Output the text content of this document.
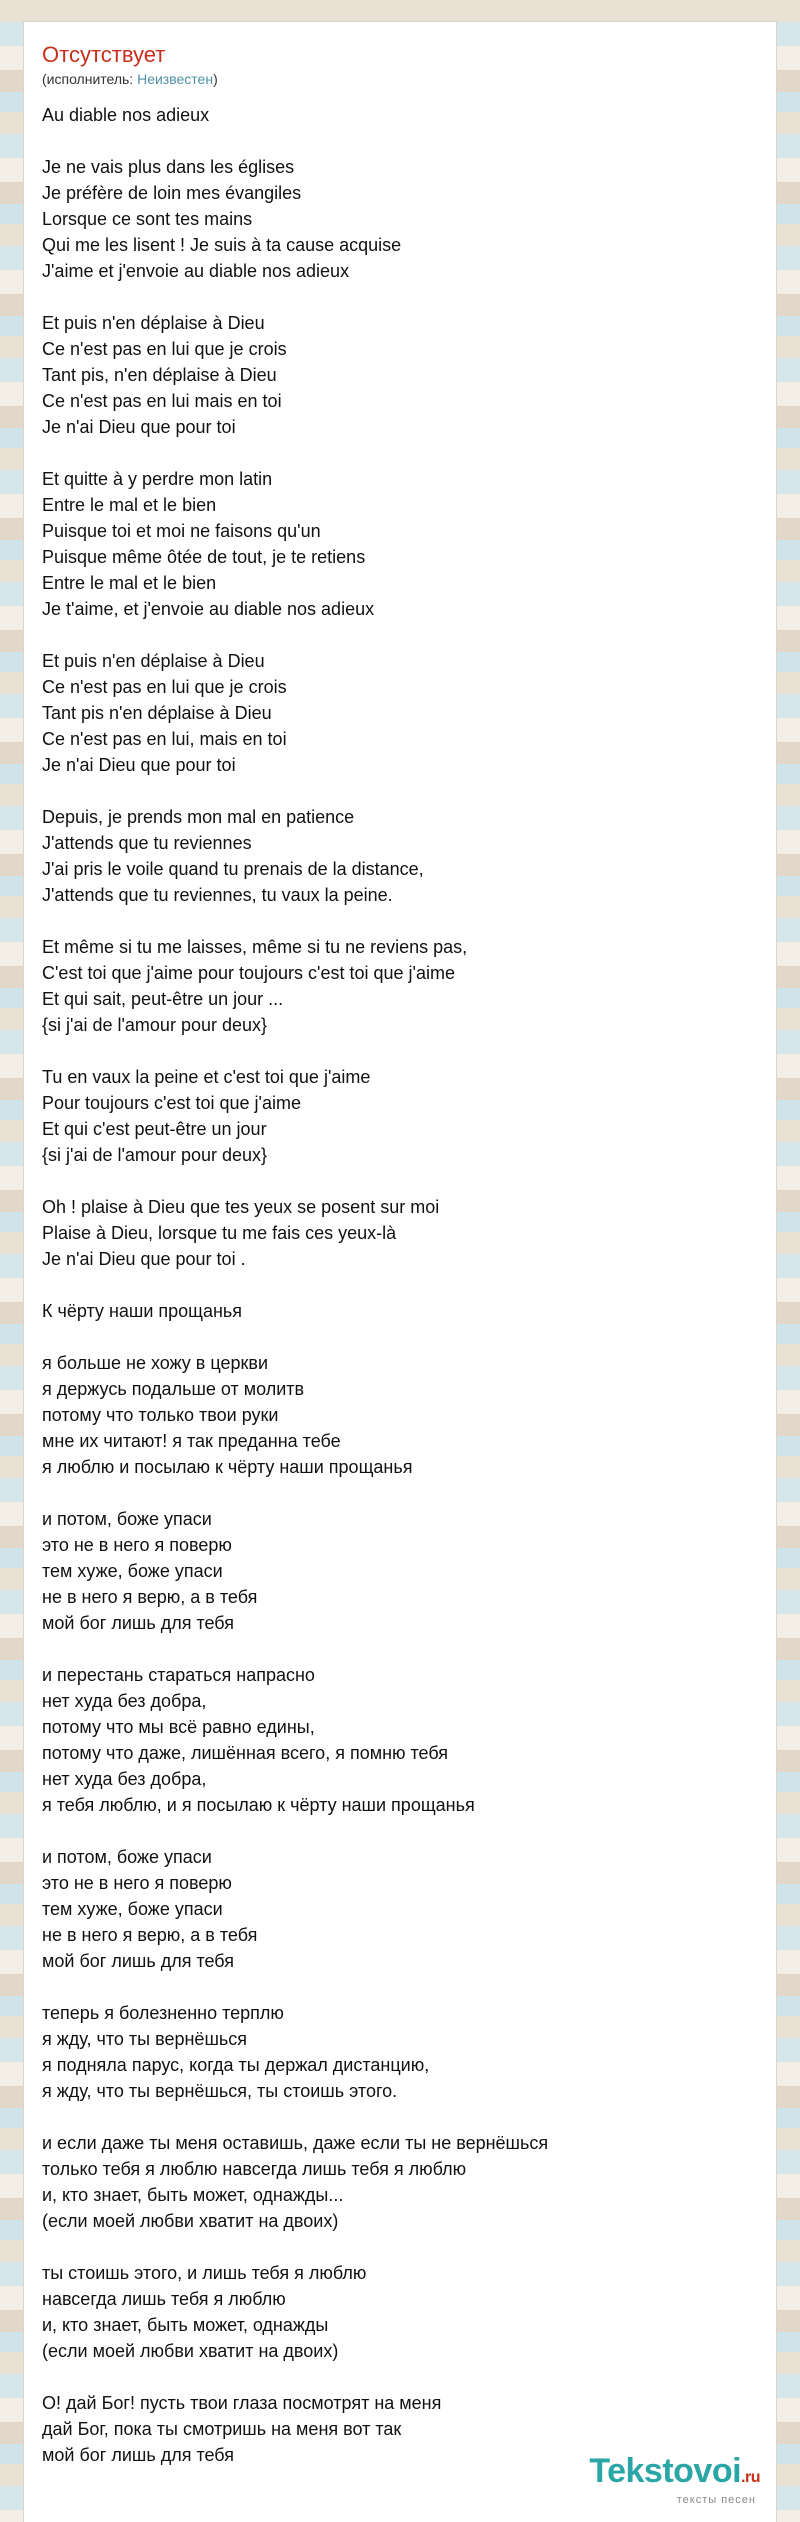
Отсутствует
(исполнитель: Неизвестен)
Au diable nos adieux

Je ne vais plus dans les églises
Je préfère de loin mes évangiles
Lorsque ce sont tes mains
Qui me les lisent ! Je suis à ta cause acquise
J'aime et j'envoie au diable nos adieux

Et puis n'en déplaise à Dieu
Ce n'est pas en lui que je crois
Tant pis, n'en déplaise à Dieu
Ce n'est pas en lui mais en toi
Je n'ai Dieu que pour toi

Et quitte à y perdre mon latin
Entre le mal et le bien
Puisque toi et moi ne faisons qu'un
Puisque même ôtée de tout, je te retiens
Entre le mal et le bien
Je t'aime, et j'envoie au diable nos adieux

Et puis n'en déplaise à Dieu
Ce n'est pas en lui que je crois
Tant pis n'en déplaise à Dieu
Ce n'est pas en lui, mais en toi
Je n'ai Dieu que pour toi

Depuis, je prends mon mal en patience
J'attends que tu reviennes
J'ai pris le voile quand tu prenais de la distance,
J'attends que tu reviennes, tu vaux la peine.

Et même si tu me laisses, même si tu ne reviens pas,
C'est toi que j'aime pour toujours c'est toi que j'aime
Et qui sait, peut-être un jour ...
{si j'ai de l'amour pour deux}

Tu en vaux la peine et c'est toi que j'aime
Pour toujours c'est toi que j'aime
Et qui c'est peut-être un jour
{si j'ai de l'amour pour deux}

Oh ! plaise à Dieu que tes yeux se posent sur moi
Plaise à Dieu, lorsque tu me fais ces yeux-là
Je n'ai Dieu que pour toi .

К чёрту наши прощанья

я больше не хожу в церкви
я держусь подальше от молитв
потому что только твои руки
мне их читают! я так преданна тебе
я люблю и посылаю к чёрту наши прощанья

и потом, боже упаси
это не в него я поверю
тем хуже, боже упаси
не в него я верю, а в тебя
мой бог лишь для тебя

и перестань стараться напрасно
нет худа без добра,
потому что мы всё равно едины,
потому что даже, лишённая всего, я помню тебя
нет худа без добра,
я тебя люблю, и я посылаю к чёрту наши прощанья

и потом, боже упаси
это не в него я поверю
тем хуже, боже упаси
не в него я верю, а в тебя
мой бог лишь для тебя

теперь я болезненно терплю
я жду, что ты вернёшься
я подняла парус, когда ты держал дистанцию,
я жду, что ты вернёшься, ты стоишь этого.

и если даже ты меня оставишь, даже если ты не вернёшься
только тебя я люблю навсегда лишь тебя я люблю
и, кто знает, быть может, однажды...
(если моей любви хватит на двоих)

ты стоишь этого, и лишь тебя я люблю
навсегда лишь тебя я люблю
и, кто знает, быть может, однажды
(если моей любви хватит на двоих)

О! дай Бог! пусть твои глаза посмотрят на меня
дай Бог, пока ты смотришь на меня вот так
мой бог лишь для тебя	Tekstovoi.ru
тексты песен
